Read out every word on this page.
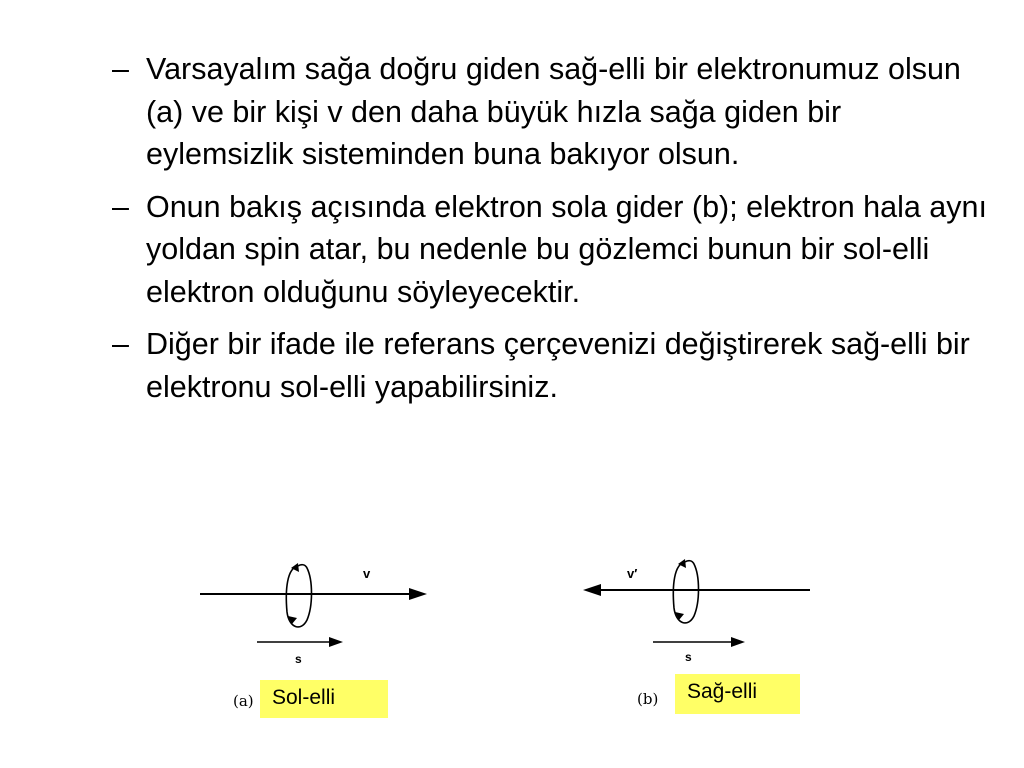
– Varsayalım sağa doğru giden sağ-elli bir elektronumuz olsun (a) ve bir kişi v den daha büyük hızla sağa giden bir eylemsizlik sisteminden buna bakıyor olsun.
– Onun bakış açısında elektron sola gider (b); elektron hala aynı yoldan spin atar, bu nedenle bu gözlemci bunun bir sol-elli elektron olduğunu söyleyecektir.
– Diğer bir ifade ile referans çerçevenizi değiştirerek sağ-elli bir elektronu sol-elli yapabilirsiniz.
v
s
(a) Sol-elli
v′
s
(b)	Sağ-elli
